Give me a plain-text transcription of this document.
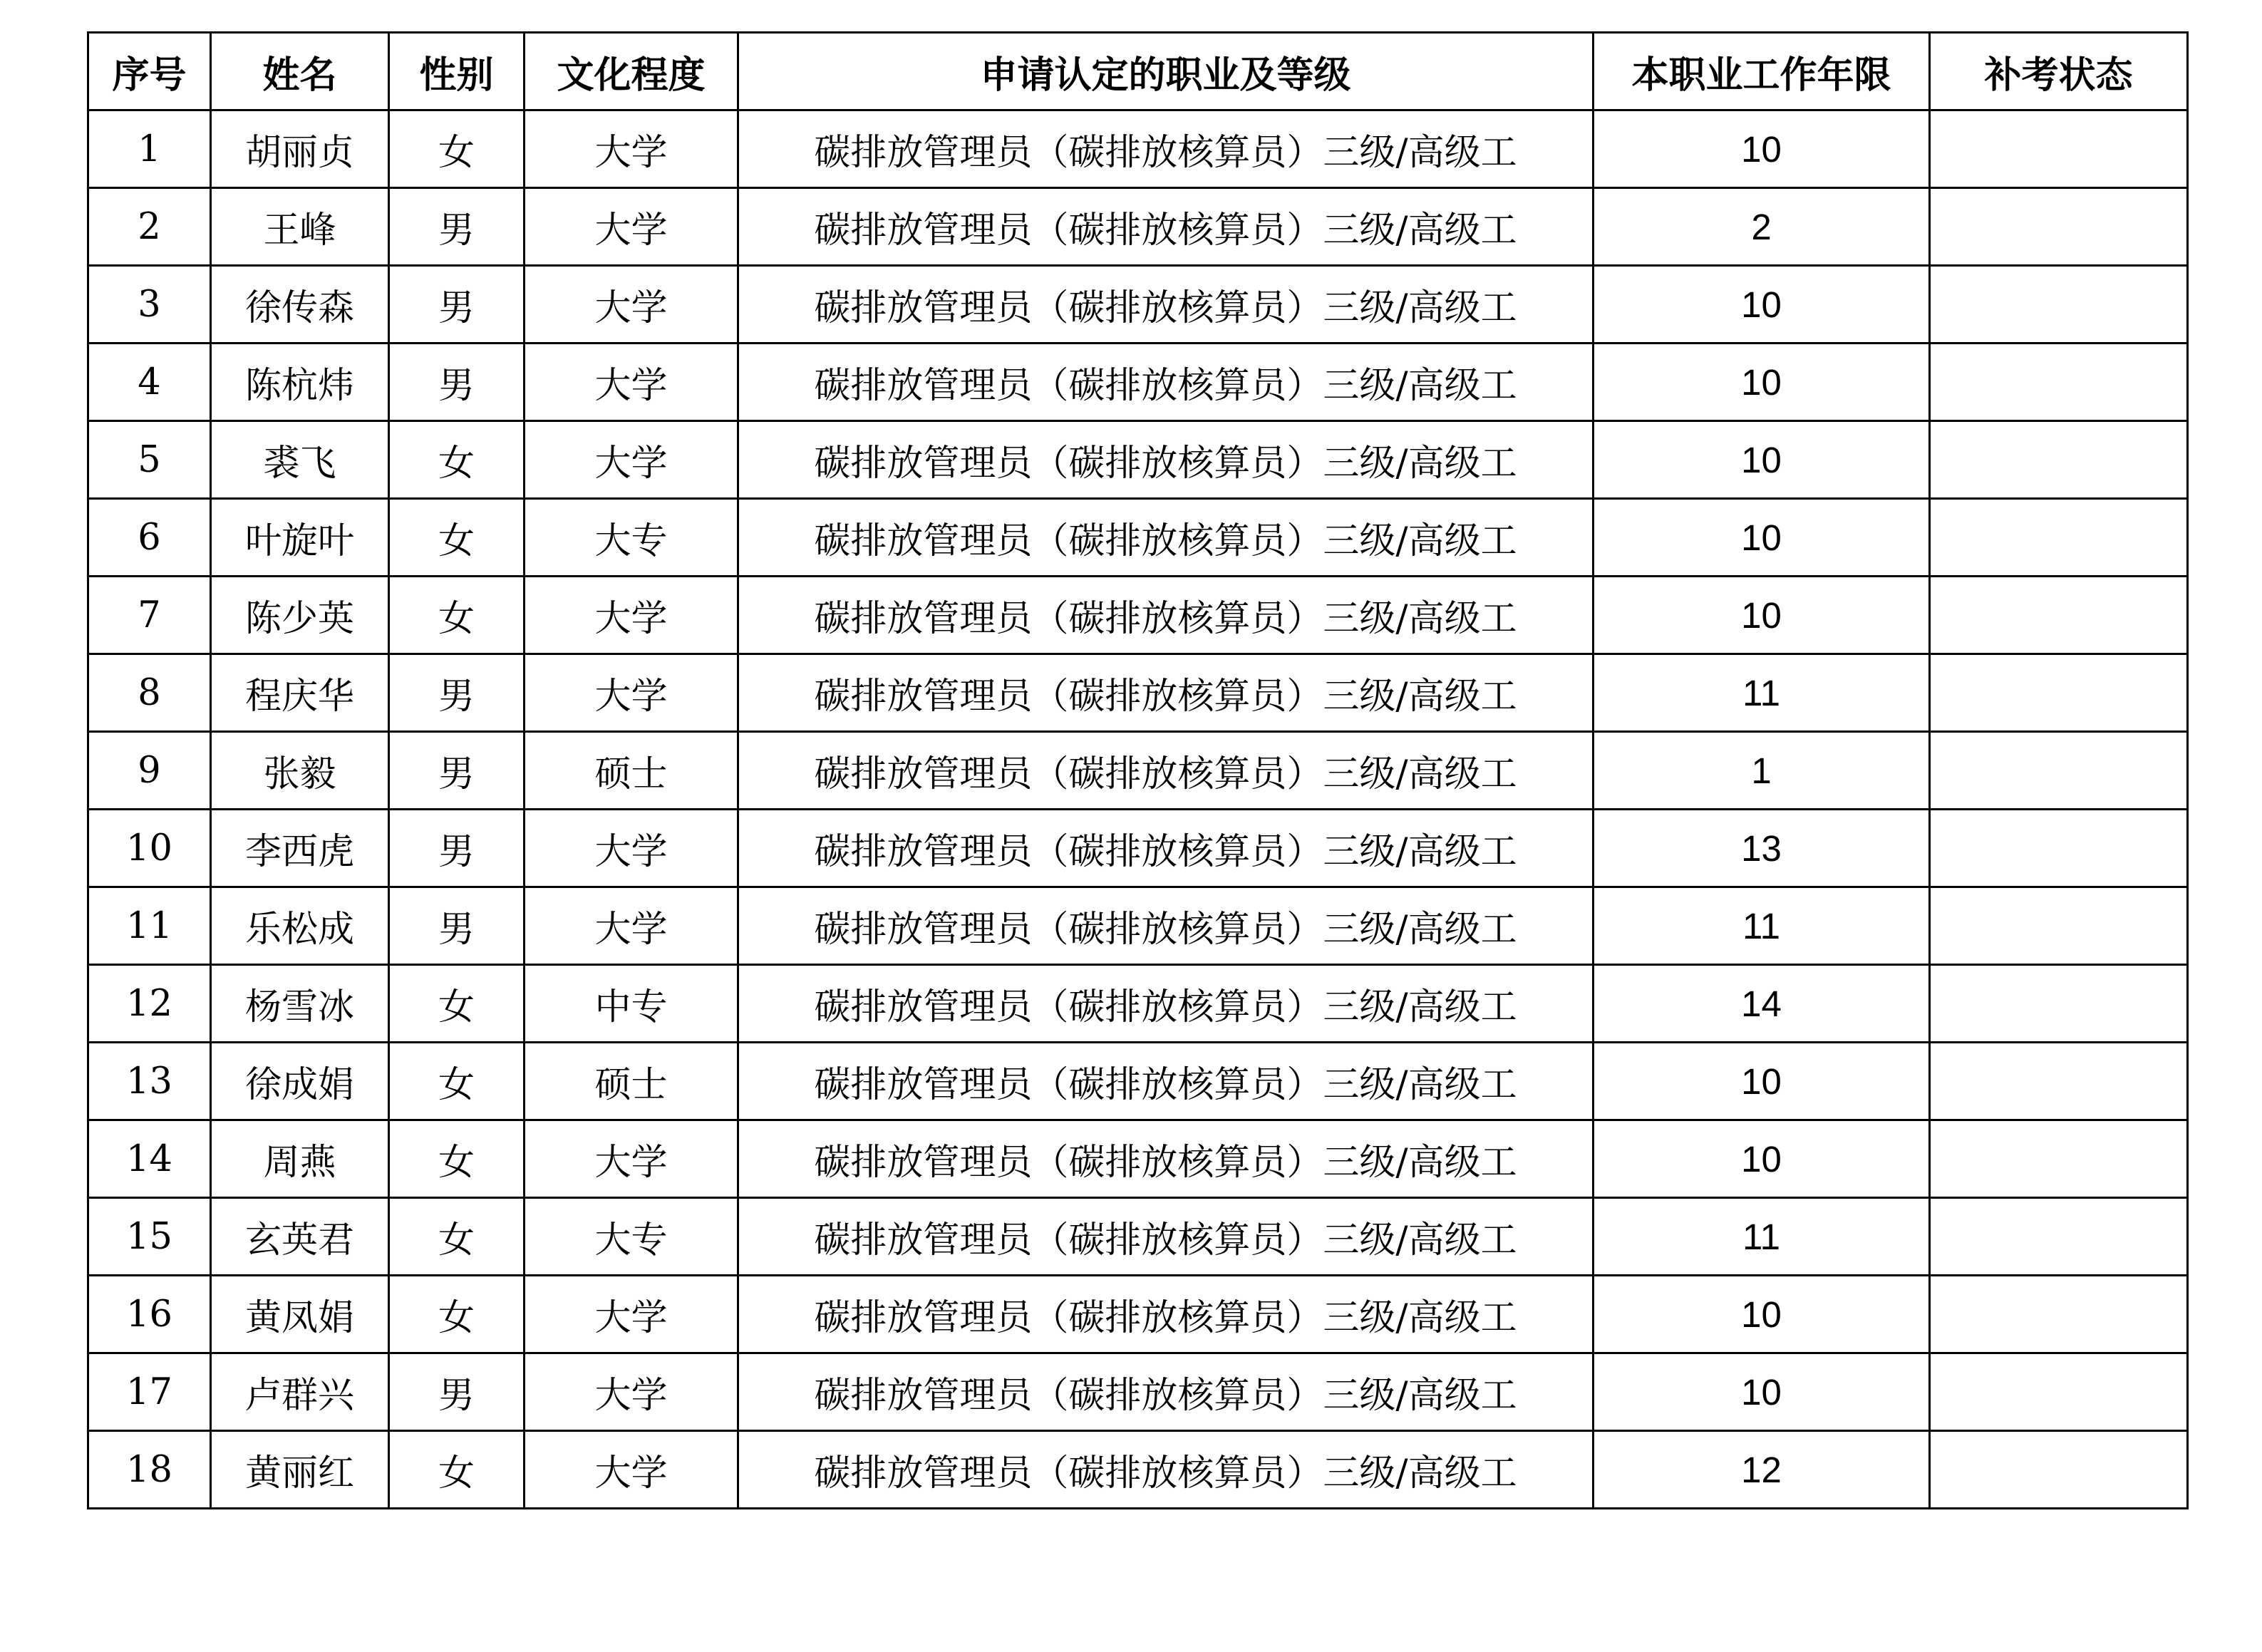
序号	姓名	性别	文化程度	申请认定的职业及等级	本职业工作年限	补考状态
1	胡丽贞	女	大学	碳排放管理员（碳排放核算员）三级/高级工	10	
2	王峰	男	大学	碳排放管理员（碳排放核算员）三级/高级工	2	
3	徐传森	男	大学	碳排放管理员（碳排放核算员）三级/高级工	10	
4	陈杭炜	男	大学	碳排放管理员（碳排放核算员）三级/高级工	10	
5	裘飞	女	大学	碳排放管理员（碳排放核算员）三级/高级工	10	
6	叶旋叶	女	大专	碳排放管理员（碳排放核算员）三级/高级工	10	
7	陈少英	女	大学	碳排放管理员（碳排放核算员）三级/高级工	10	
8	程庆华	男	大学	碳排放管理员（碳排放核算员）三级/高级工	11	
9	张毅	男	硕士	碳排放管理员（碳排放核算员）三级/高级工	1	
10	李西虎	男	大学	碳排放管理员（碳排放核算员）三级/高级工	13	
11	乐松成	男	大学	碳排放管理员（碳排放核算员）三级/高级工	11	
12	杨雪冰	女	中专	碳排放管理员（碳排放核算员）三级/高级工	14	
13	徐成娟	女	硕士	碳排放管理员（碳排放核算员）三级/高级工	10	
14	周燕	女	大学	碳排放管理员（碳排放核算员）三级/高级工	10	
15	玄英君	女	大专	碳排放管理员（碳排放核算员）三级/高级工	11	
16	黄凤娟	女	大学	碳排放管理员（碳排放核算员）三级/高级工	10	
17	卢群兴	男	大学	碳排放管理员（碳排放核算员）三级/高级工	10	
18	黄丽红	女	大学	碳排放管理员（碳排放核算员）三级/高级工	12	
